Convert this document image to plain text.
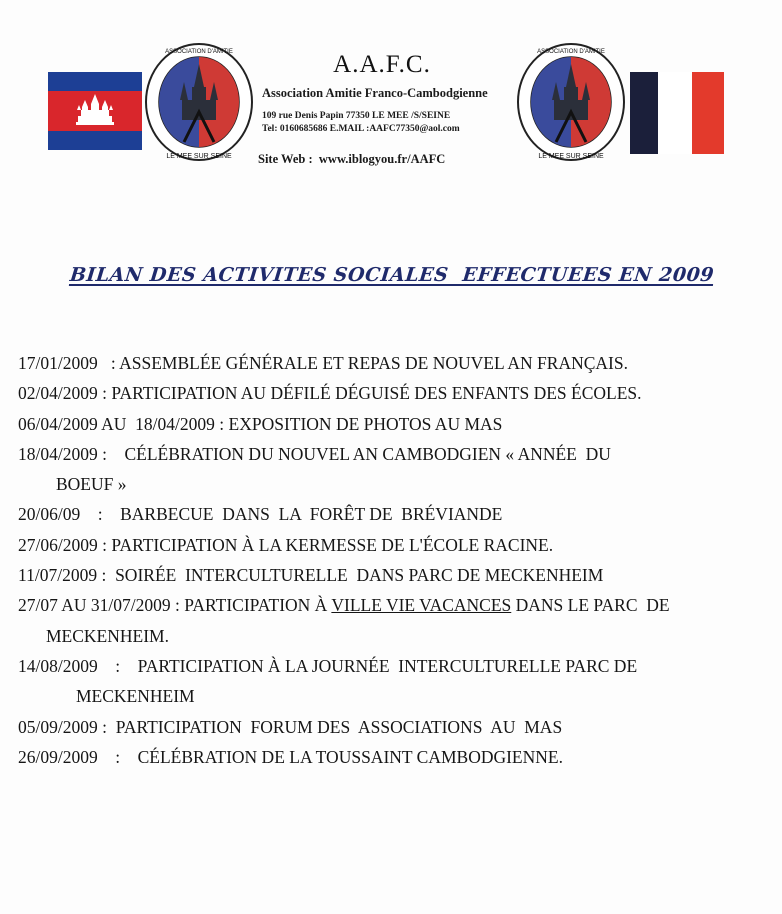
ASSOCIATION D'AMITIE
LE MEE SUR SEINE
A.A.F.C.
Association Amitie Franco-Cambodgienne
109 rue Denis Papin 77350 LE MEE /S/SEINE
Tel: 0160685686 E.MAIL :AAFC77350@aol.com
Site Web : www.iblogyou.fr/AAFC
ASSOCIATION D'AMITIE
LE MEE SUR SEINE
BILAN DES ACTIVITES SOCIALES  EFFECTUEES EN 2009
17/01/2009   : ASSEMBLÉE GÉNÉRALE ET REPAS DE NOUVEL AN FRANÇAIS.
02/04/2009 : PARTICIPATION AU DÉFILÉ DÉGUISÉ DES ENFANTS DES ÉCOLES.
06/04/2009 AU  18/04/2009 : EXPOSITION DE PHOTOS AU MAS
18/04/2009 :    CÉLÉBRATION DU NOUVEL AN CAMBODGIEN « ANNÉE  DU
BOEUF »
20/06/09    :    BARBECUE  DANS  LA  FORÊT DE  BRÉVIANDE
27/06/2009 : PARTICIPATION À LA KERMESSE DE L'ÉCOLE RACINE.
11/07/2009 :  SOIRÉE  INTERCULTURELLE  DANS PARC DE MECKENHEIM
27/07 AU 31/07/2009 : PARTICIPATION À VILLE VIE VACANCES DANS LE PARC  DE
MECKENHEIM.
14/08/2009    :    PARTICIPATION À LA JOURNÉE  INTERCULTURELLE PARC DE
MECKENHEIM
05/09/2009 :  PARTICIPATION  FORUM DES  ASSOCIATIONS  AU  MAS
26/09/2009    :    CÉLÉBRATION DE LA TOUSSAINT CAMBODGIENNE.
